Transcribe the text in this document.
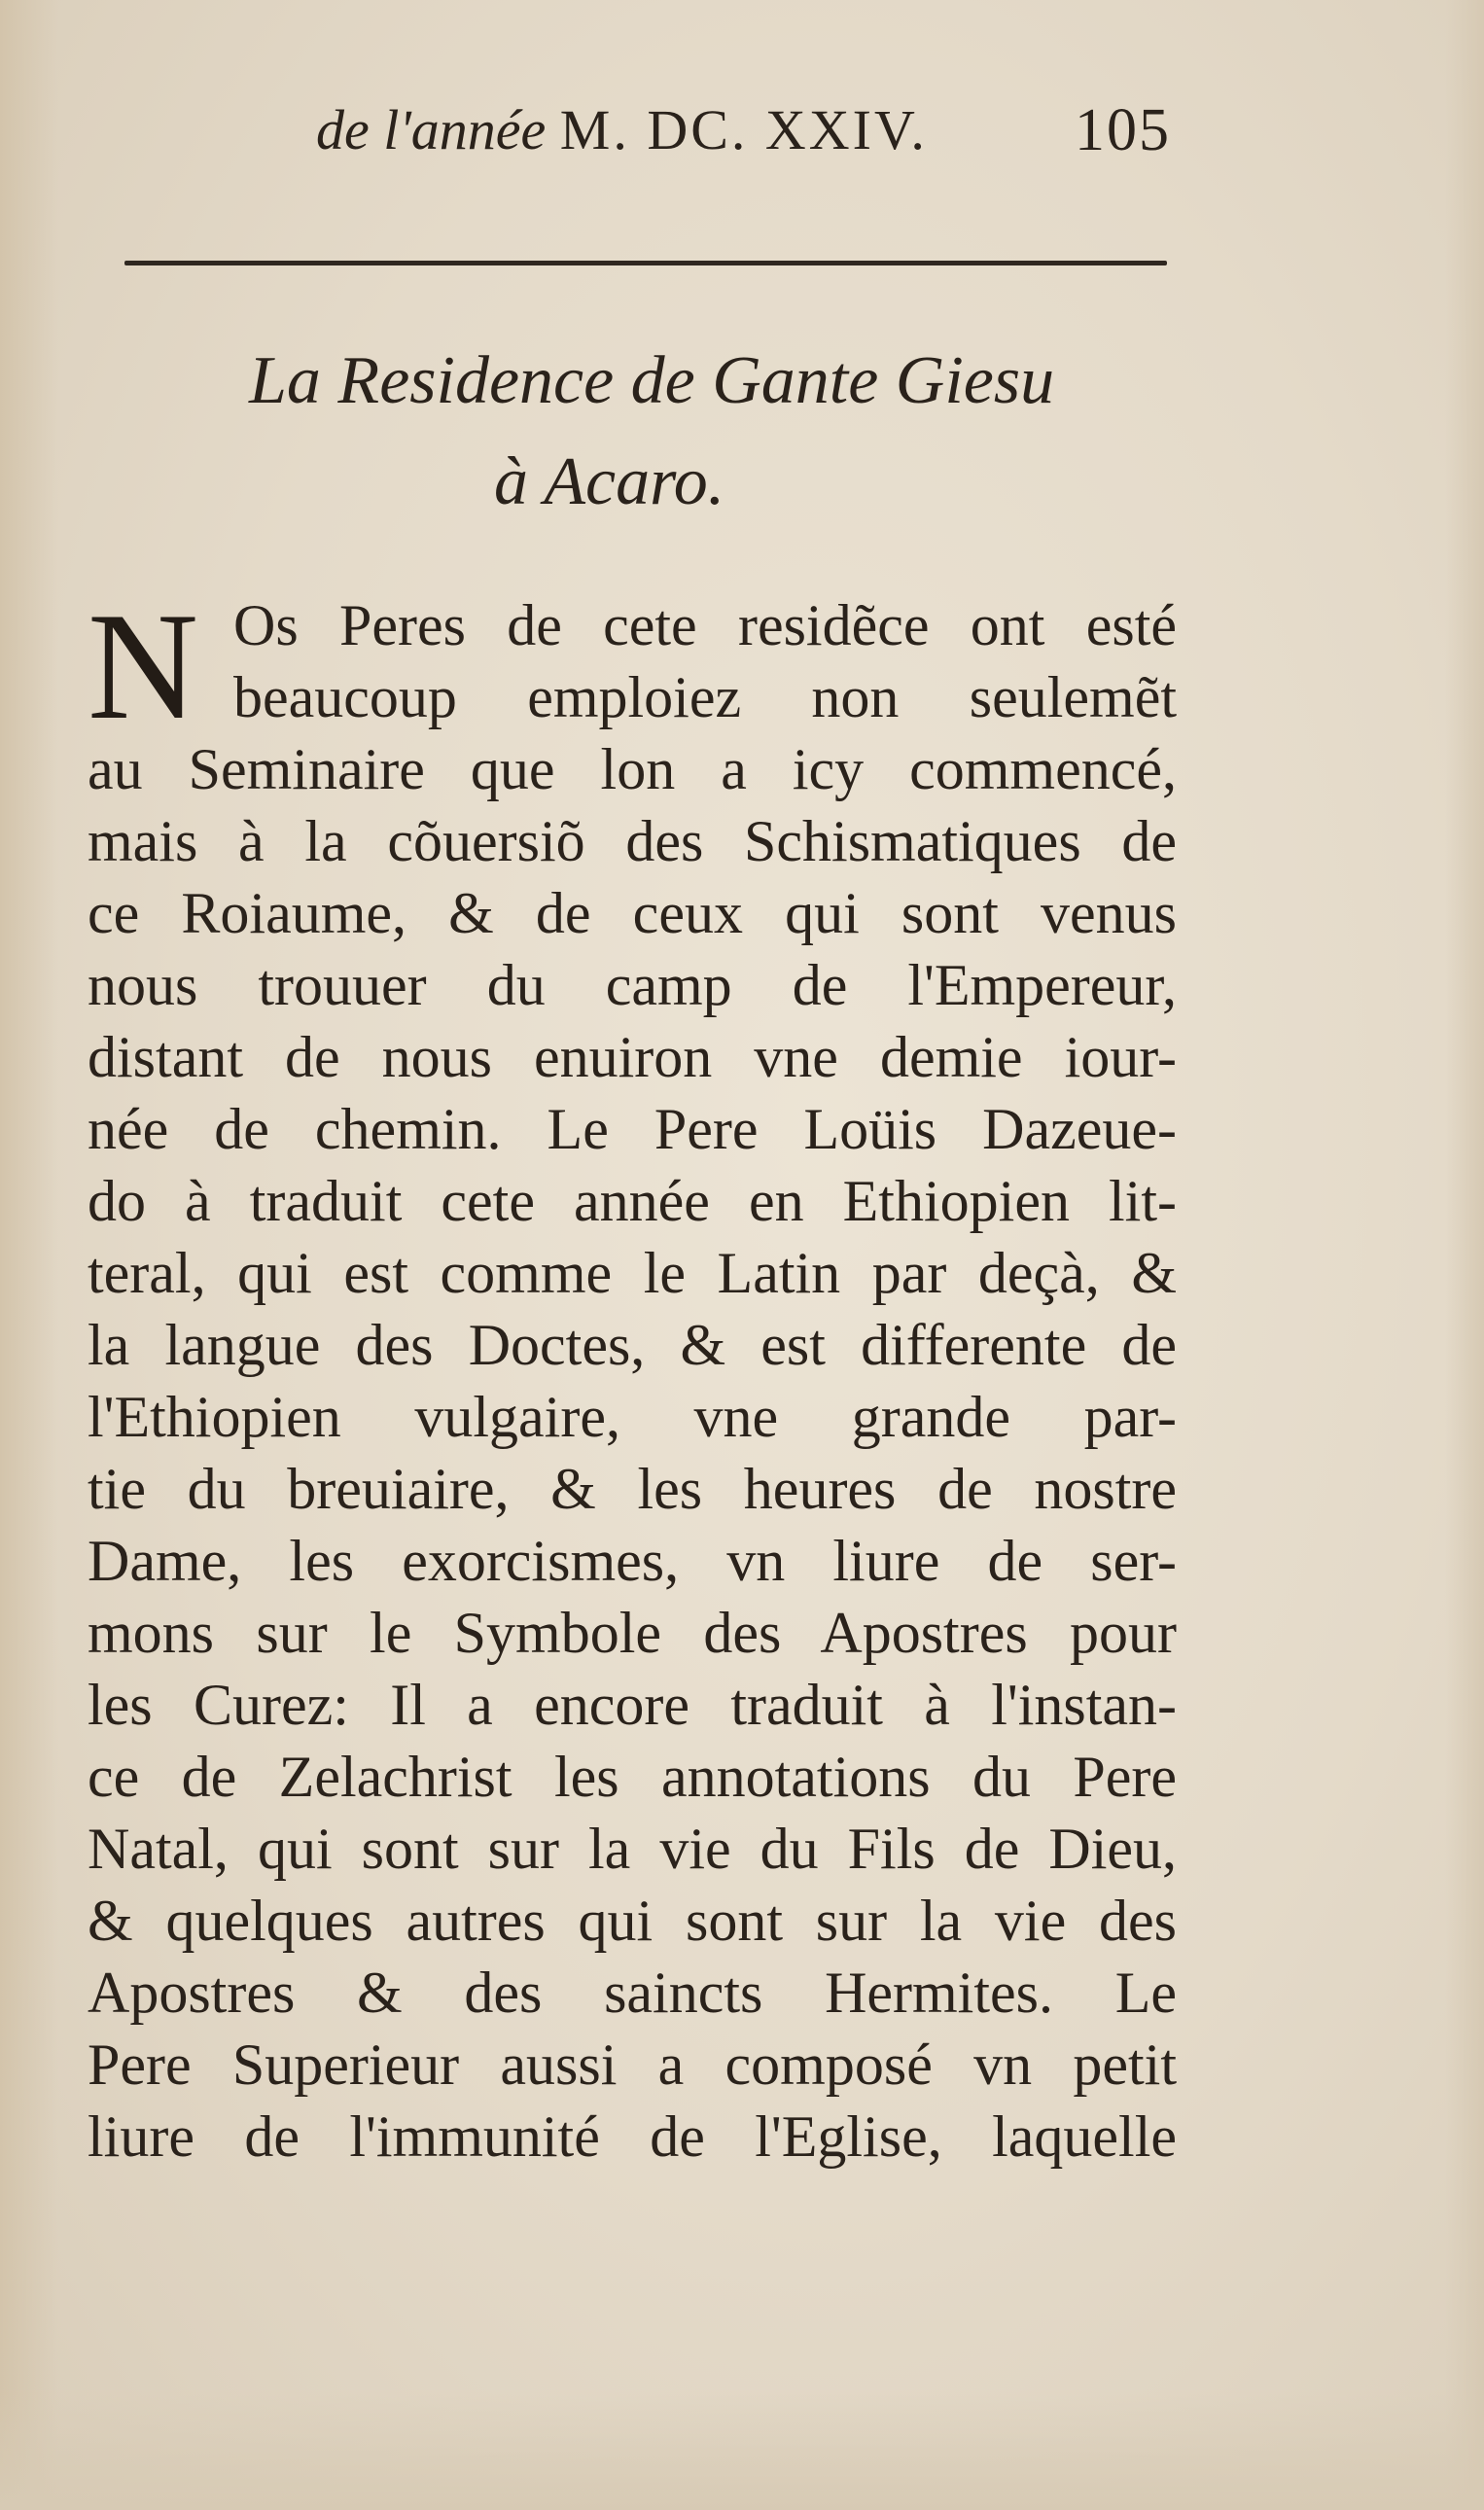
de l'année M. DC. XXIV. 105
La Residence de Gante Giesu
à Acaro.
N Os Peres de cete residẽce ont esté
beaucoup emploiez non seulemẽt
au Seminaire que lon a icy commencé,
mais à la cõuersiõ des Schismatiques de
ce Roiaume, & de ceux qui sont venus
nous trouuer du camp de l'Empereur,
distant de nous enuiron vne demie iour-
née de chemin. Le Pere Loüis Dazeue-
do à traduit cete année en Ethiopien lit-
teral, qui est comme le Latin par deçà, &
la langue des Doctes, & est differente de
l'Ethiopien vulgaire, vne grande par-
tie du breuiaire, & les heures de nostre
Dame, les exorcismes, vn liure de ser-
mons sur le Symbole des Apostres pour
les Curez: Il a encore traduit à l'instan-
ce de Zelachrist les annotations du Pere
Natal, qui sont sur la vie du Fils de Dieu,
& quelques autres qui sont sur la vie des
Apostres & des saincts Hermites. Le
Pere Superieur aussi a composé vn petit
liure de l'immunité de l'Eglise, laquelle
